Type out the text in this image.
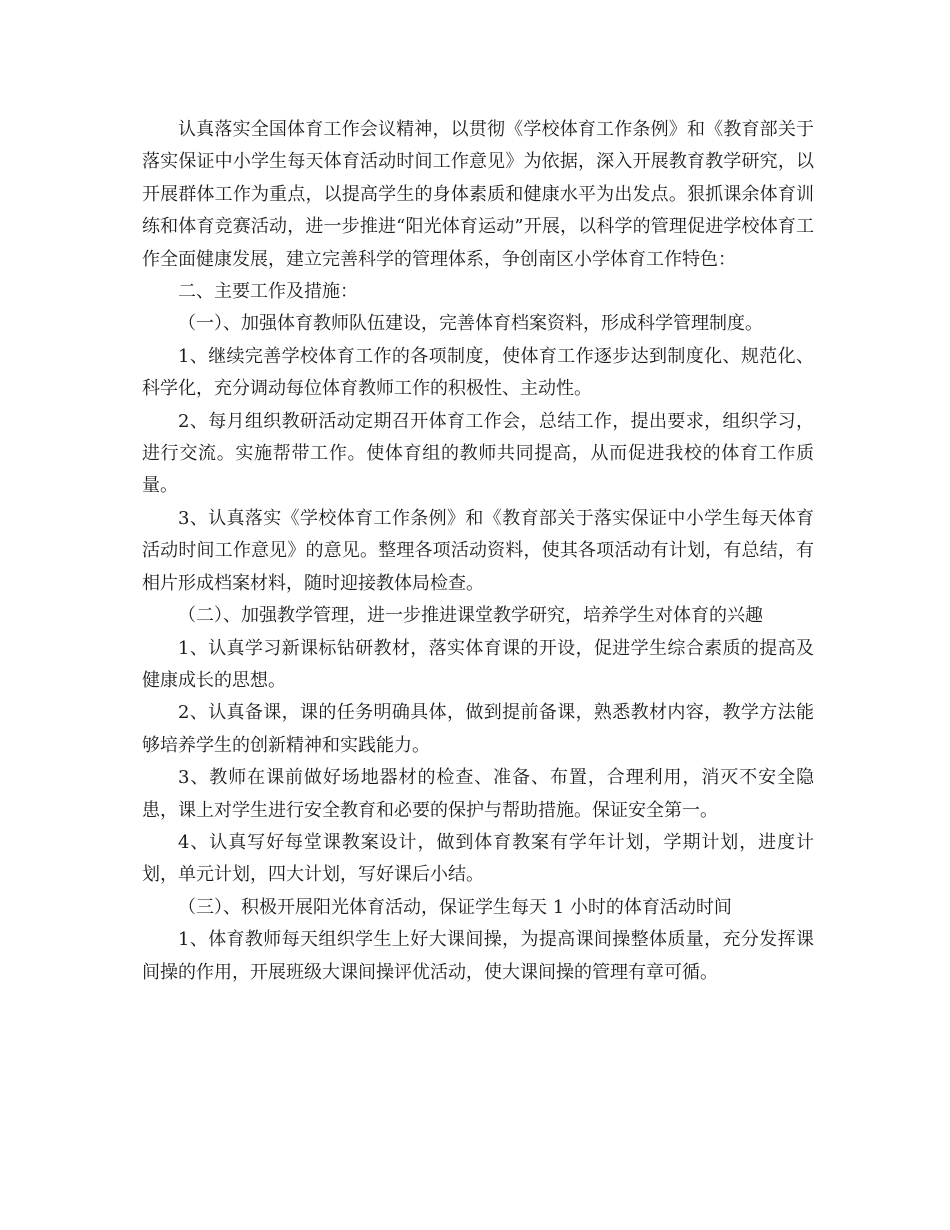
认真落实全国体育工作会议精神，以贯彻《学校体育工作条例》和《教育部关于落实保证中小学生每天体育活动时间工作意见》为依据，深入开展教育教学研究，以开展群体工作为重点，以提高学生的身体素质和健康水平为出发点。狠抓课余体育训练和体育竞赛活动，进一步推进“阳光体育运动”开展，以科学的管理促进学校体育工作全面健康发展，建立完善科学的管理体系，争创南区小学体育工作特色：

二、主要工作及措施：

（一）、加强体育教师队伍建设，完善体育档案资料，形成科学管理制度。

1、继续完善学校体育工作的各项制度，使体育工作逐步达到制度化、规范化、科学化，充分调动每位体育教师工作的积极性、主动性。

2、每月组织教研活动定期召开体育工作会，总结工作，提出要求，组织学习，进行交流。实施帮带工作。使体育组的教师共同提高，从而促进我校的体育工作质量。

3、认真落实《学校体育工作条例》和《教育部关于落实保证中小学生每天体育活动时间工作意见》的意见。整理各项活动资料，使其各项活动有计划，有总结，有相片形成档案材料，随时迎接教体局检查。

（二）、加强教学管理，进一步推进课堂教学研究，培养学生对体育的兴趣

1、认真学习新课标钻研教材，落实体育课的开设，促进学生综合素质的提高及健康成长的思想。

2、认真备课，课的任务明确具体，做到提前备课，熟悉教材内容，教学方法能够培养学生的创新精神和实践能力。

3、教师在课前做好场地器材的检查、准备、布置，合理利用，消灭不安全隐患，课上对学生进行安全教育和必要的保护与帮助措施。保证安全第一。

4、认真写好每堂课教案设计，做到体育教案有学年计划，学期计划，进度计划，单元计划，四大计划，写好课后小结。

（三）、积极开展阳光体育活动，保证学生每天 1 小时的体育活动时间

1、体育教师每天组织学生上好大课间操，为提高课间操整体质量，充分发挥课间操的作用，开展班级大课间操评优活动，使大课间操的管理有章可循。
